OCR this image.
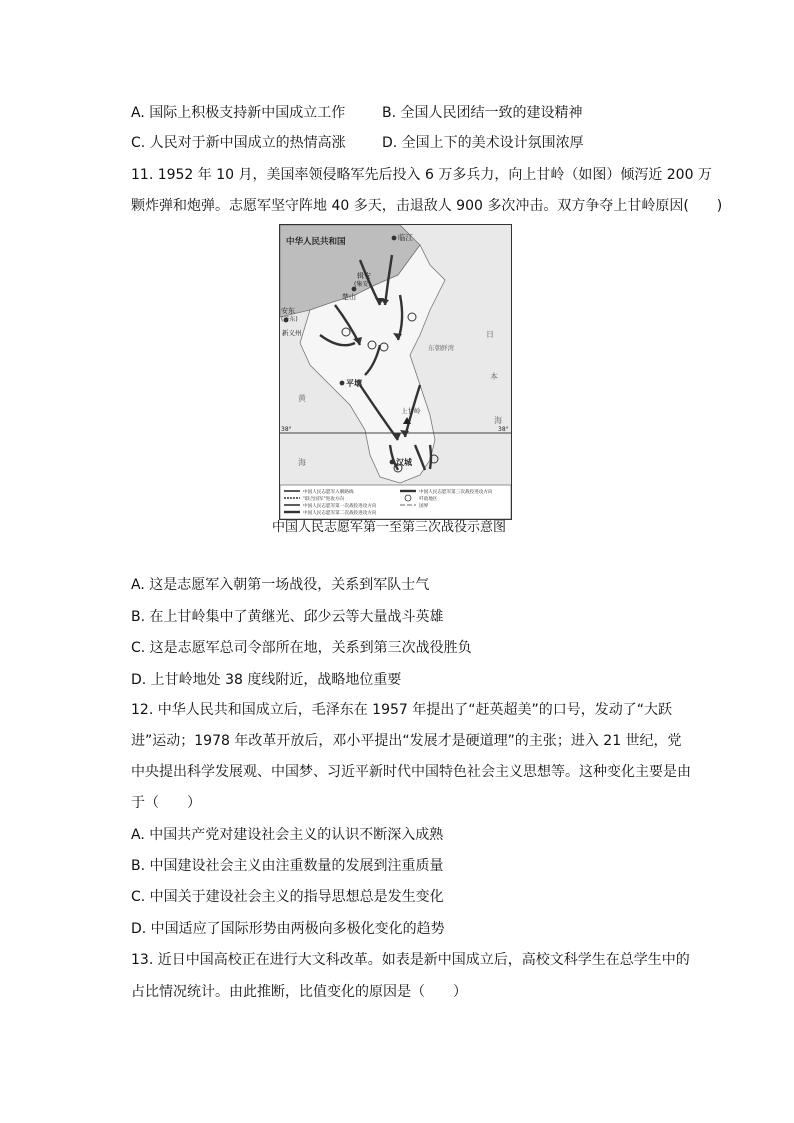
A. 国际上积极支持新中国成立工作	B. 全国人民团结一致的建设精神
C. 人民对于新中国成立的热情高涨	D. 全国上下的美术设计氛围浓厚
11. 1952 年 10 月，美国率领侵略军先后投入 6 万多兵力，向上甘岭（如图）倾泻近 200 万
颗炸弹和炮弹。志愿军坚守阵地 40 多天，击退敌人 900 多次冲击。双方争夺上甘岭原因(　　)
中华人民共和国	临江
辑安
(集安)
楚山
安东
(丹东)
新义州
平壤
上甘岭
汉城
黄
海
日
本
海
东朝鲜湾
38°	38°
中国人民志愿军入朝路线
"联合国军"进攻方向
中国人民志愿军第一次战役进攻方向
中国人民志愿军第二次战役进攻方向
中国人民志愿军第三次战役进攻方向
歼敌地区
国界
中国人民志愿军第一至第三次战役示意图
A. 这是志愿军入朝第一场战役，关系到军队士气
B. 在上甘岭集中了黄继光、邱少云等大量战斗英雄
C. 这是志愿军总司令部所在地，关系到第三次战役胜负
D. 上甘岭地处 38 度线附近，战略地位重要
12. 中华人民共和国成立后，毛泽东在 1957 年提出了“赶英超美”的口号，发动了“大跃
进”运动；1978 年改革开放后，邓小平提出“发展才是硬道理”的主张；进入 21 世纪，党
中央提出科学发展观、中国梦、习近平新时代中国特色社会主义思想等。这种变化主要是由
于（　　）
A. 中国共产党对建设社会主义的认识不断深入成熟
B. 中国建设社会主义由注重数量的发展到注重质量
C. 中国关于建设社会主义的指导思想总是发生变化
D. 中国适应了国际形势由两极向多极化变化的趋势
13. 近日中国高校正在进行大文科改革。如表是新中国成立后，高校文科学生在总学生中的
占比情况统计。由此推断，比值变化的原因是（　　）
